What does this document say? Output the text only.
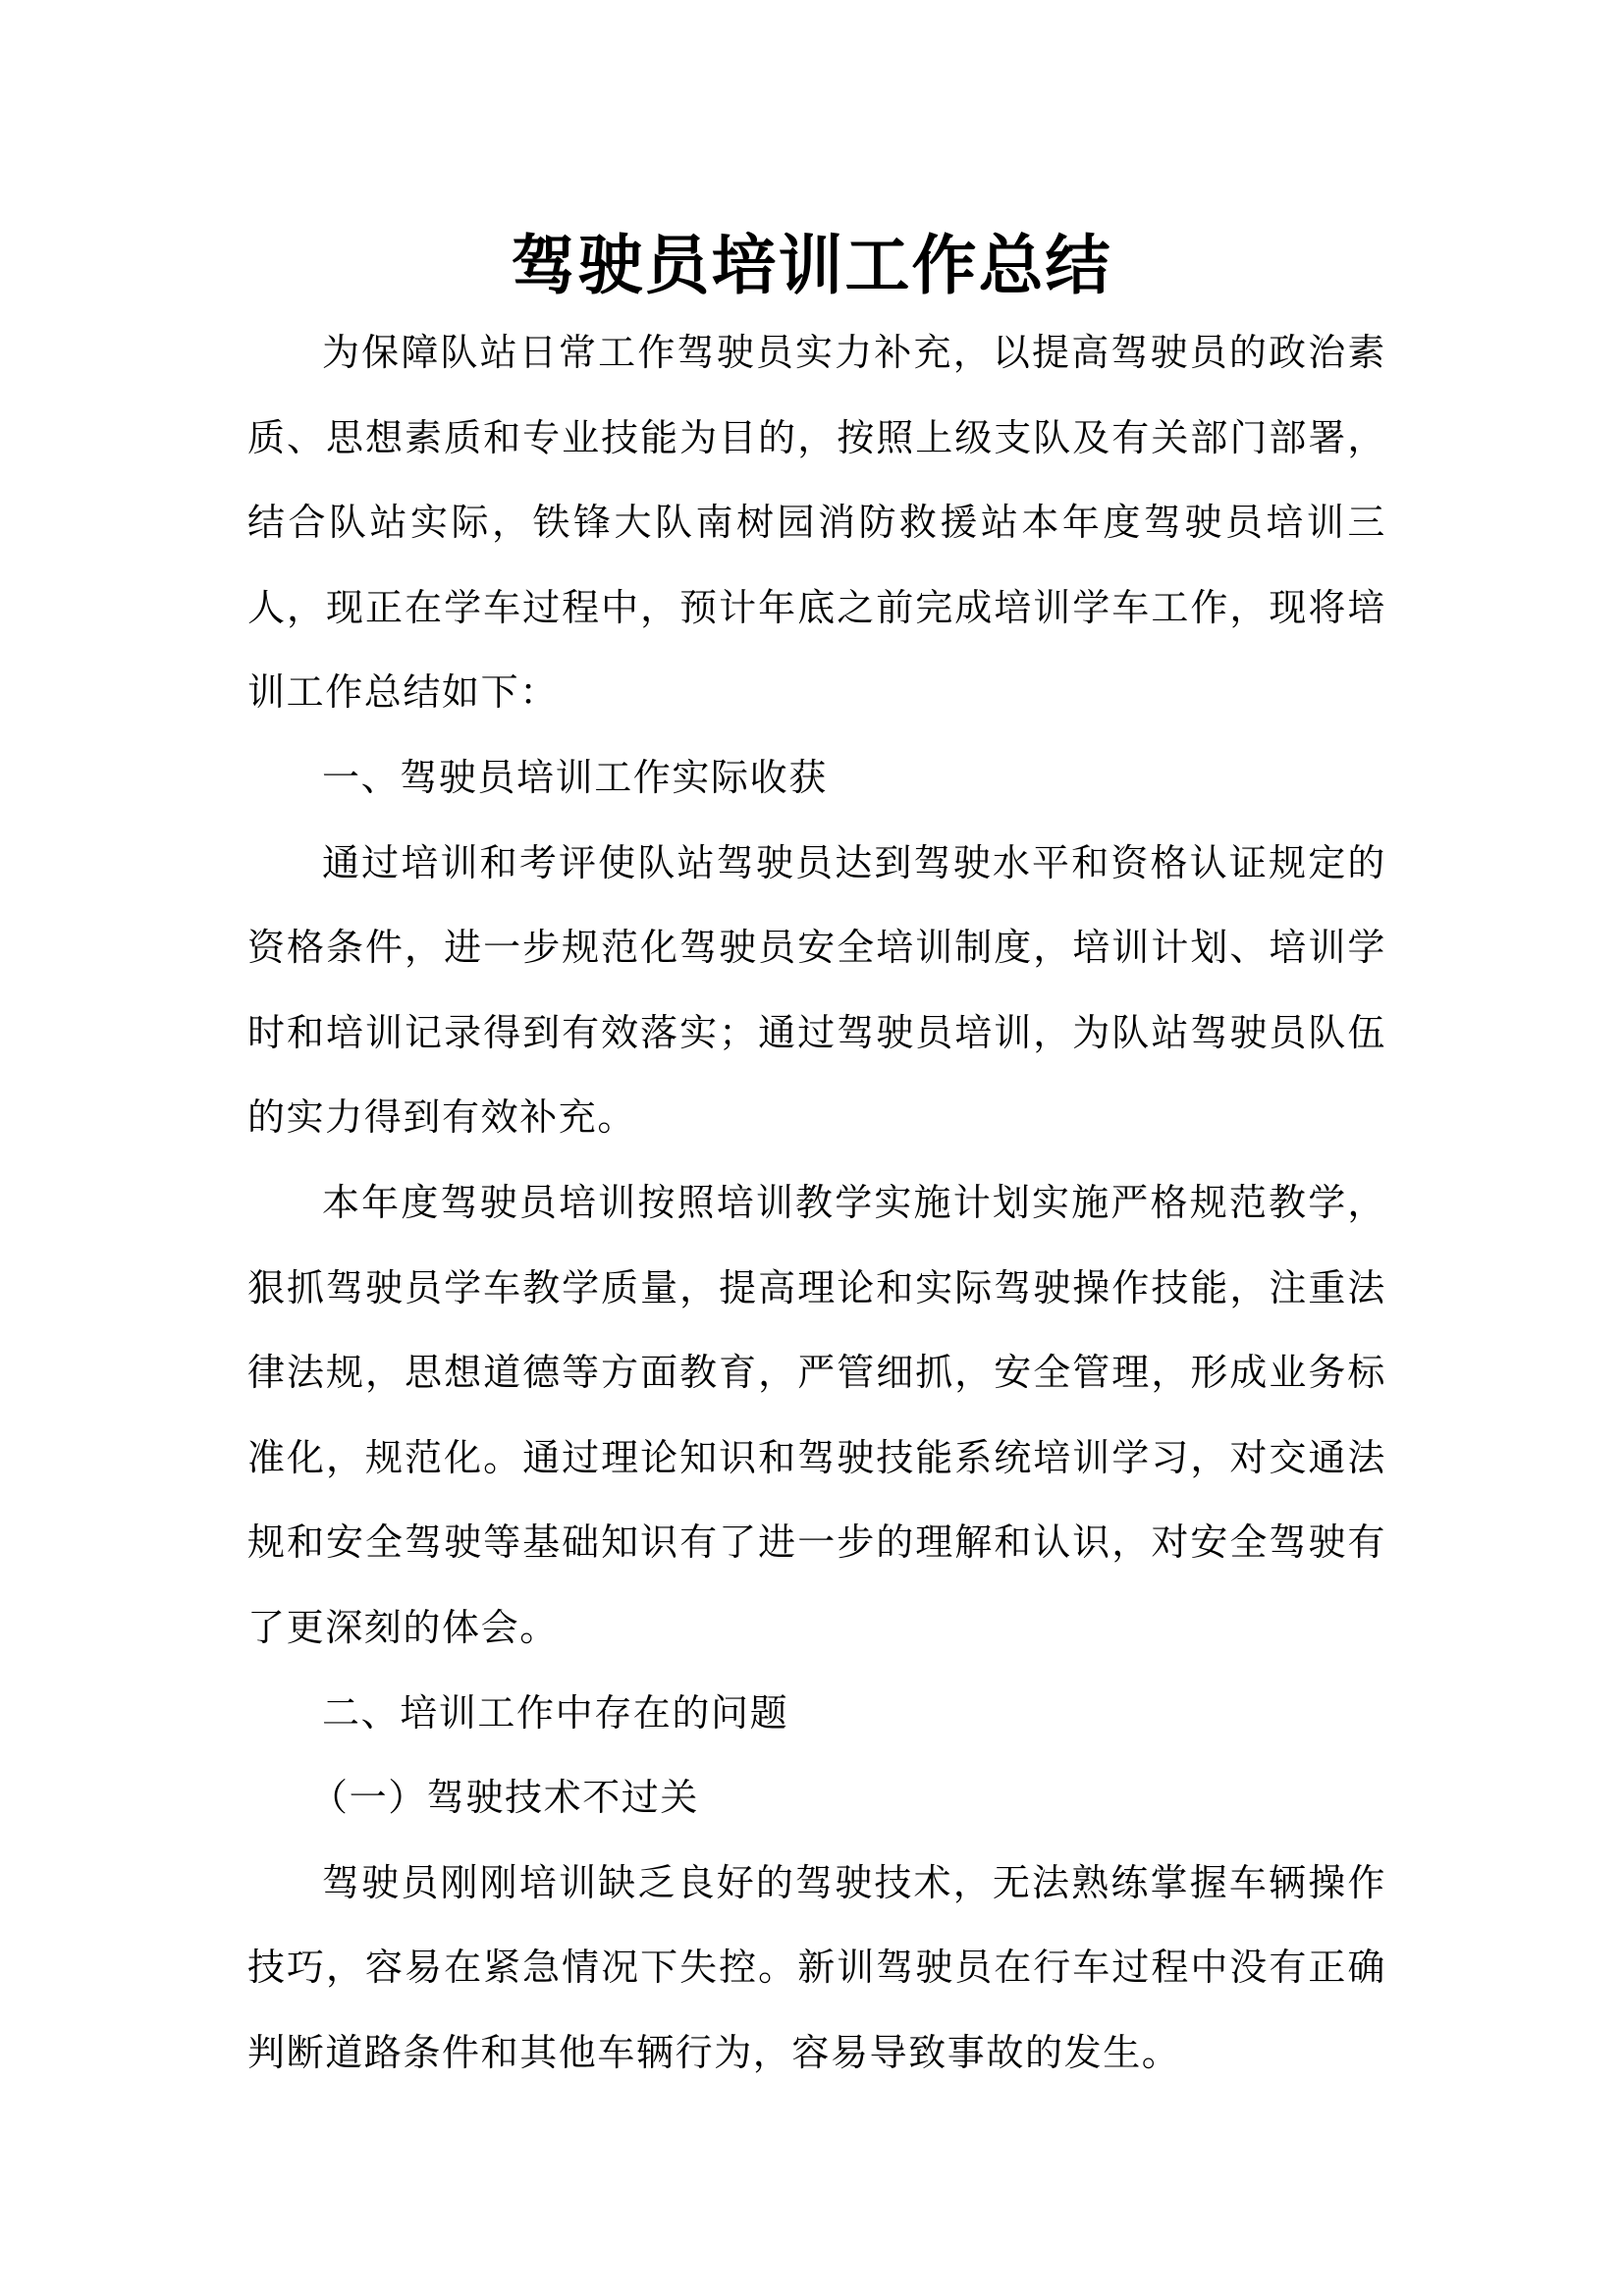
驾驶员培训工作总结

为保障队站日常工作驾驶员实力补充，以提高驾驶员的政治素质、思想素质和专业技能为目的，按照上级支队及有关部门部署，结合队站实际，铁锋大队南树园消防救援站本年度驾驶员培训三人，现正在学车过程中，预计年底之前完成培训学车工作，现将培训工作总结如下：

一、驾驶员培训工作实际收获

通过培训和考评使队站驾驶员达到驾驶水平和资格认证规定的资格条件，进一步规范化驾驶员安全培训制度，培训计划、培训学时和培训记录得到有效落实；通过驾驶员培训，为队站驾驶员队伍的实力得到有效补充。

本年度驾驶员培训按照培训教学实施计划实施严格规范教学，狠抓驾驶员学车教学质量，提高理论和实际驾驶操作技能，注重法律法规，思想道德等方面教育，严管细抓，安全管理，形成业务标准化，规范化。通过理论知识和驾驶技能系统培训学习，对交通法规和安全驾驶等基础知识有了进一步的理解和认识，对安全驾驶有了更深刻的体会。

二、培训工作中存在的问题

（一）驾驶技术不过关

驾驶员刚刚培训缺乏良好的驾驶技术，无法熟练掌握车辆操作技巧，容易在紧急情况下失控。新训驾驶员在行车过程中没有正确判断道路条件和其他车辆行为，容易导致事故的发生。
